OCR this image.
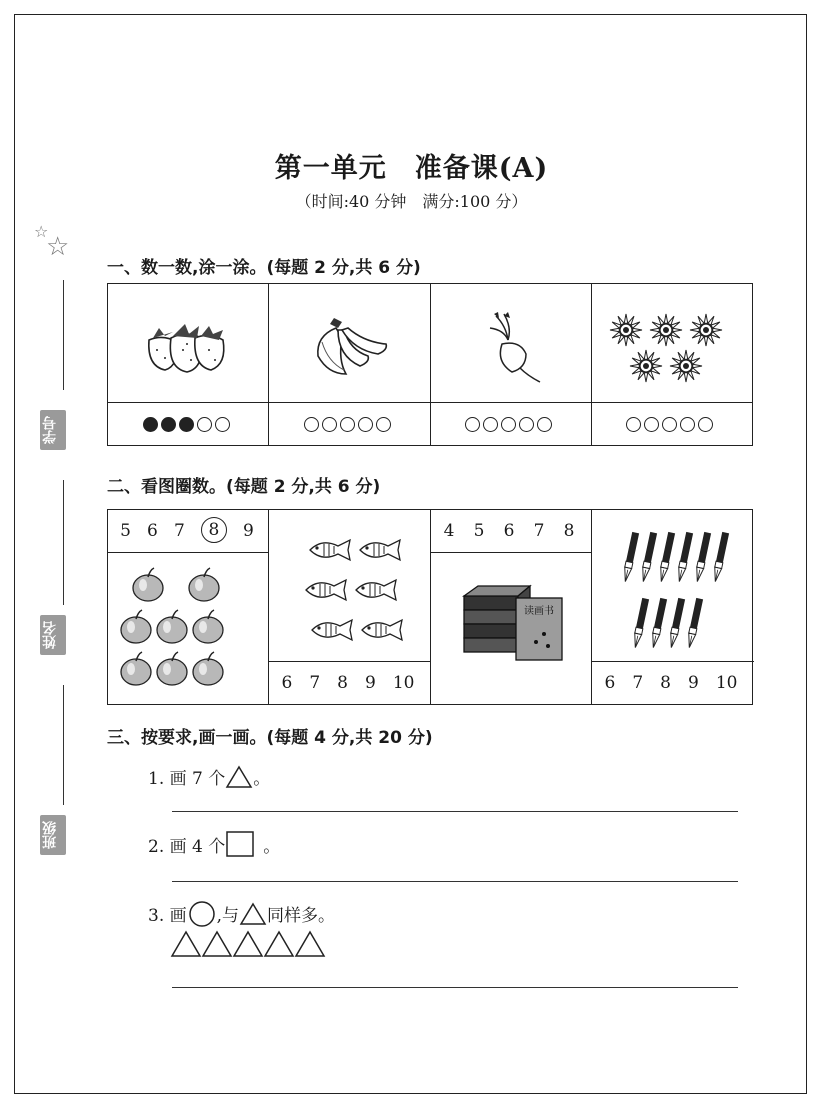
☆
☆
学号
姓名
班级
第一单元　准备课(A)
（时间:40 分钟　满分:100 分）
一、数一数,涂一涂。(每题 2 分,共 6 分)
二、看图圈数。(每题 2 分,共 6 分)
5 6 7	8	9
6 7 8 9 10
4 5 6 7 8
读画书
6 7 8 9 10
三、按要求,画一画。(每题 4 分,共 20 分)
1. 画 7 个 。
2. 画 4 个 。
3. 画 ,与 同样多。
